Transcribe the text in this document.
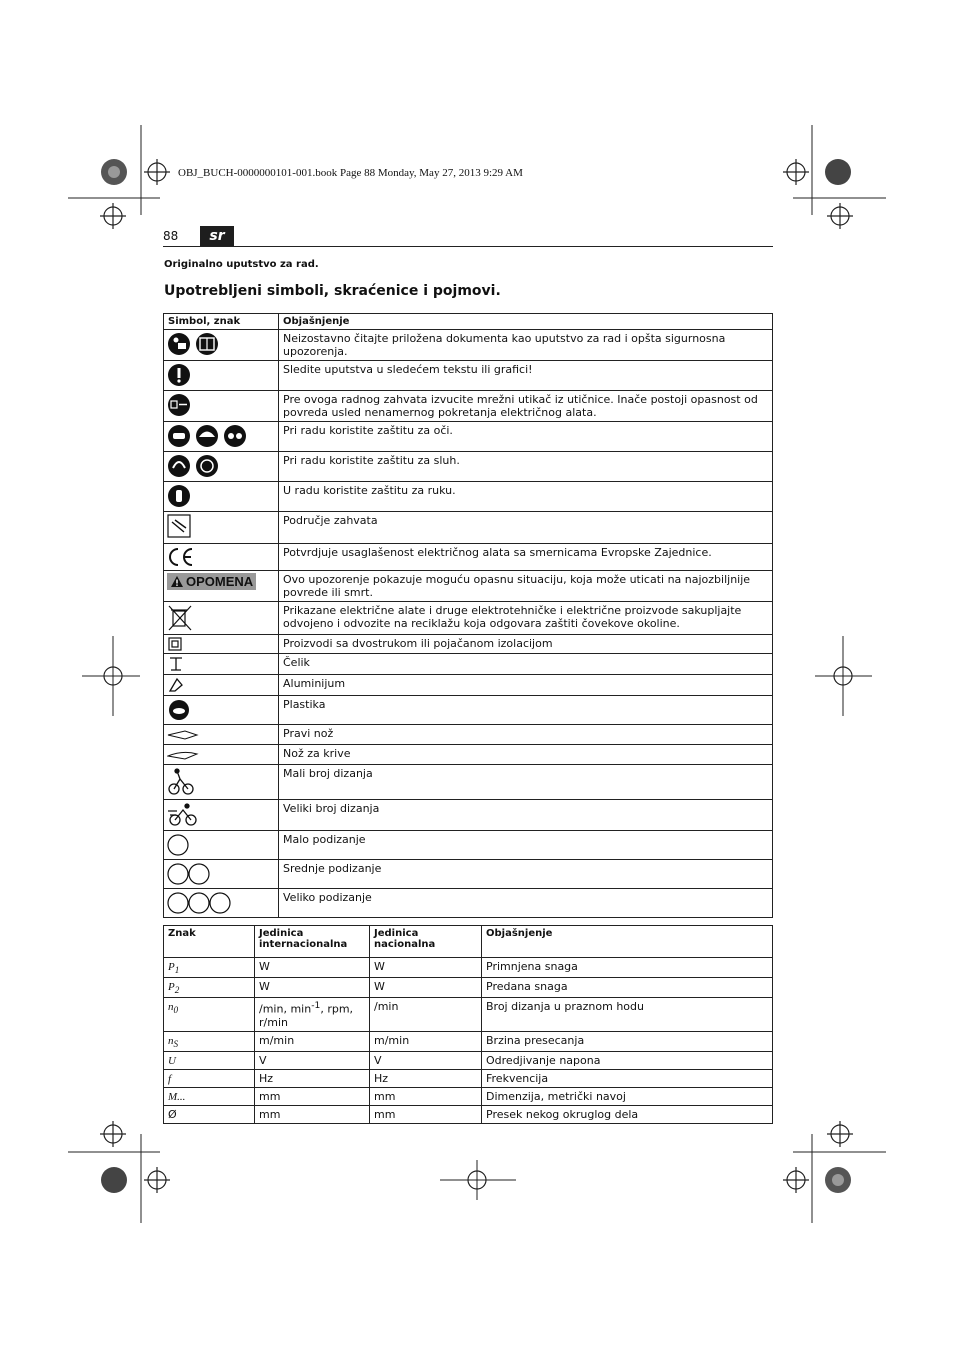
OBJ_BUCH-0000000101-001.book Page 88 Monday, May 27, 2013 9:29 AM
88	sr
Originalno uputstvo za rad.
Upotrebljeni simboli, skraćenice i pojmovi.
Simbol, znak	Objašnjenje

	Neizostavno čitajte priložena dokumenta kao uputstvo za rad i opšta sigurnosna upozorenja.

	Sledite uputstva u sledećem tekstu ili grafici!

	Pre ovoga radnog zahvata izvucite mrežni utikač iz utičnice. Inače postoji opasnost od povreda usled nenamernog pokretanja električnog alata.

	Pri radu koristite zaštitu za oči.

	Pri radu koristite zaštitu za sluh.

	U radu koristite zaštitu za ruku.

	Područje zahvata

	Potvrdjuje usaglašenost električnog alata sa smernicama Evropske Zajednice.

OPOMENA	Ovo upozorenje pokazuje moguću opasnu situaciju, koja može uticati na najozbiljnije povrede ili smrt.

	Prikazane električne alate i druge elektrotehničke i električne proizvode sakupljajte odvojeno i odvozite na reciklažu koja odgovara zaštiti čovekove okoline.

	Proizvodi sa dvostrukom ili pojačanom izolacijom

	Čelik

	Aluminijum

	Plastika

	Pravi nož

	Nož za krive

	Mali broj dizanja

	Veliki broj dizanja

	Malo podizanje

	Srednje podizanje

	Veliko podizanje
Znak	Jedinica internacionalna	Jedinica nacionalna	Objašnjenje
$P_1$	W	W	Primnjena snaga
$P_2$	W	W	Predana snaga
$n_0$	/min, $\min^{-1}$, rpm, r/min	/min	Broj dizanja u praznom hodu
$n_S$	m/min	m/min	Brzina presecanja
U	V	V	Odredjivanje napona
f	Hz	Hz	Frekvencija
M...	mm	mm	Dimenzija, metrički navoj
Ø	mm	mm	Presek nekog okruglog dela
